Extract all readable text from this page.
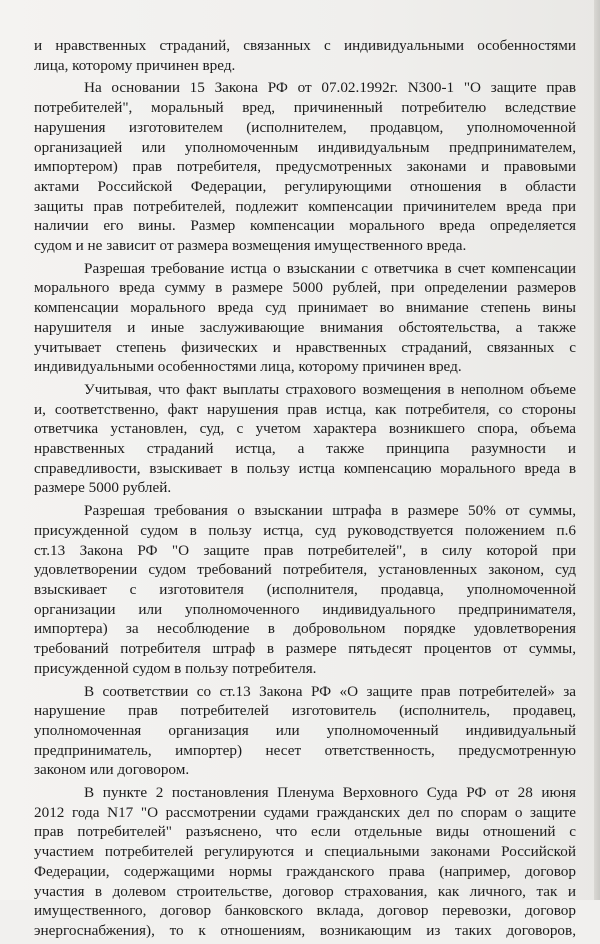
и нравственных страданий, связанных с индивидуальными особенностями
лица, которому причинен вред.
На основании 15 Закона РФ от 07.02.1992г. N300-1 "О защите прав
потребителей", моральный вред, причиненный потребителю вследствие
нарушения изготовителем (исполнителем, продавцом, уполномоченной
организацией или уполномоченным индивидуальным предпринимателем,
импортером) прав потребителя, предусмотренных законами и правовыми
актами Российской Федерации, регулирующими отношения в области
защиты прав потребителей, подлежит компенсации причинителем вреда при
наличии его вины. Размер компенсации морального вреда определяется
судом и не зависит от размера возмещения имущественного вреда.
Разрешая требование истца о взыскании с ответчика в счет компенсации
морального вреда сумму в размере 5000 рублей, при определении размеров
компенсации морального вреда суд принимает во внимание степень вины
нарушителя и иные заслуживающие внимания обстоятельства, а также
учитывает степень физических и нравственных страданий, связанных с
индивидуальными особенностями лица, которому причинен вред.
Учитывая, что факт выплаты страхового возмещения в неполном объеме
и, соответственно, факт нарушения прав истца, как потребителя, со стороны
ответчика установлен, суд, с учетом характера возникшего спора, объема
нравственных страданий истца, а также принципа разумности и
справедливости, взыскивает в пользу истца компенсацию морального вреда в
размере 5000 рублей.
Разрешая требования о взыскании штрафа в размере 50% от суммы,
присужденной судом в пользу истца, суд руководствуется положением п.6
ст.13 Закона РФ "О защите прав потребителей", в силу которой при
удовлетворении судом требований потребителя, установленных законом, суд
взыскивает с изготовителя (исполнителя, продавца, уполномоченной
организации или уполномоченного индивидуального предпринимателя,
импортера) за несоблюдение в добровольном порядке удовлетворения
требований потребителя штраф в размере пятьдесят процентов от суммы,
присужденной судом в пользу потребителя.
В соответствии со ст.13 Закона РФ «О защите прав потребителей» за
нарушение прав потребителей изготовитель (исполнитель, продавец,
уполномоченная организация или уполномоченный индивидуальный
предприниматель, импортер) несет ответственность, предусмотренную
законом или договором.
В пункте 2 постановления Пленума Верховного Суда РФ от 28 июня
2012 года N17 "О рассмотрении судами гражданских дел по спорам о защите
прав потребителей" разъяснено, что если отдельные виды отношений с
участием потребителей регулируются и специальными законами Российской
Федерации, содержащими нормы гражданского права (например, договор
участия в долевом строительстве, договор страхования, как личного, так и
имущественного, договор банковского вклада, договор перевозки, договор
энергоснабжения), то к отношениям, возникающим из таких договоров,
